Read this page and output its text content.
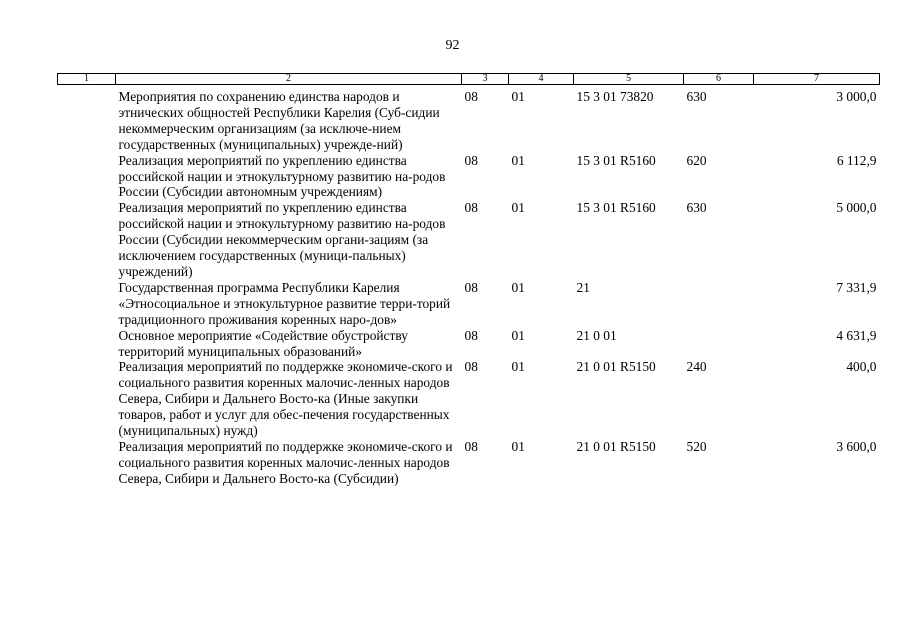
92
1	2	3	4	5	6	7
	Мероприятия по сохранению единства народов и этнических общностей Республики Карелия (Суб-сидии некоммерческим организациям (за исключе-нием государственных (муниципальных) учрежде-ний)	08	01	15 3 01 73820	630	3 000,0
	Реализация мероприятий по укреплению единства российской нации и этнокультурному развитию на-родов России (Субсидии автономным учреждениям)	08	01	15 3 01 R5160	620	6 112,9
	Реализация мероприятий по укреплению единства российской нации и этнокультурному развитию на-родов России (Субсидии некоммерческим органи-зациям (за исключением государственных (муници-пальных) учреждений)	08	01	15 3 01 R5160	630	5 000,0
	Государственная программа Республики Карелия «Этносоциальное и этнокультурное развитие терри-торий традиционного проживания коренных наро-дов»	08	01	21		7 331,9
	Основное мероприятие «Содействие обустройству территорий муниципальных образований»	08	01	21 0 01		4 631,9
	Реализация мероприятий по поддержке экономиче-ского и социального развития коренных малочис-ленных народов Севера, Сибири и Дальнего Восто-ка (Иные закупки товаров, работ и услуг для обес-печения государственных (муниципальных) нужд)	08	01	21 0 01 R5150	240	400,0
	Реализация мероприятий по поддержке экономиче-ского и социального развития коренных малочис-ленных народов Севера, Сибири и Дальнего Восто-ка (Субсидии)	08	01	21 0 01 R5150	520	3 600,0
